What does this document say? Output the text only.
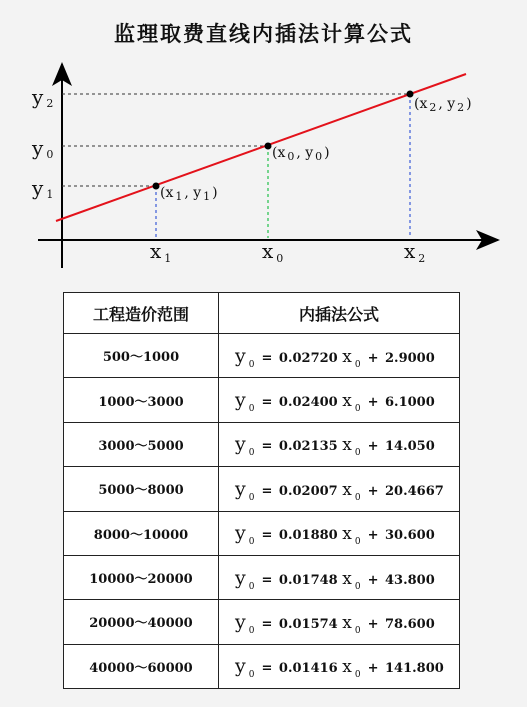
监理取费直线内插法计算公式
y 2
y 0
y 1
x $_1$	x $_0$	x $_2$
(x $_1$ , y $_1$ )
(x $_0$ , y $_0$ )
(x $_2$ , y $_2$ )
工程造价范围	内插法公式
500～1000	y $_0$ = 0.02720 x $_0$ + 2.9000
1000～3000	y $_0$ = 0.02400 x $_0$ + 6.1000
3000～5000	y $_0$ = 0.02135 x $_0$ + 14.050
5000～8000	y $_0$ = 0.02007 x $_0$ + 20.4667
8000～10000	y $_0$ = 0.01880 x $_0$ + 30.600
10000～20000	y $_0$ = 0.01748 x $_0$ + 43.800
20000～40000	y $_0$ = 0.01574 x $_0$ + 78.600
40000～60000	y $_0$ = 0.01416 x $_0$ + 141.800
